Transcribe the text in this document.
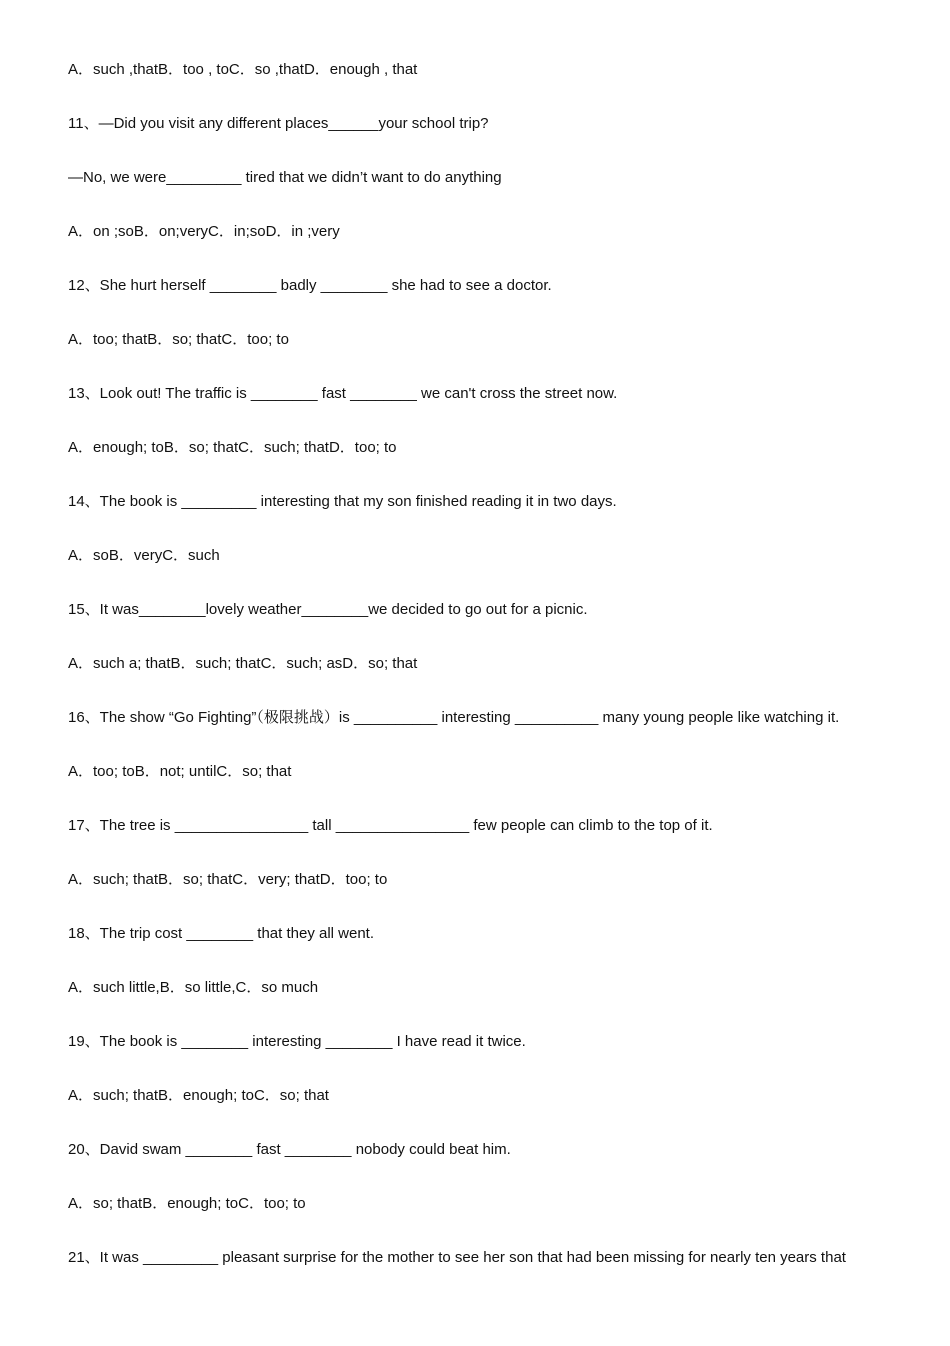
A．such ,thatB．too , toC．so ,thatD．enough , that
11、—Did you visit any different places______your school trip?
—No, we were_________ tired that we didn’t want to do anything
A．on ;soB．on;veryC．in;soD．in ;very
12、She hurt herself ________ badly ________ she had to see a doctor.
A．too; thatB．so; thatC．too; to
13、Look out! The traffic is ________ fast ________ we can't cross the street now.
A．enough; toB．so; thatC．such; thatD．too; to
14、The book is _________ interesting that my son finished reading it in two days.
A．soB．veryC．such
15、It was________lovely weather________we decided to go out for a picnic.
A．such a; thatB．such; thatC．such; asD．so; that
16、The show “Go Fighting”（极限挑战）is __________ interesting __________ many young people like watching it.
A．too; toB．not; untilC．so; that
17、The tree is ________________ tall ________________ few people can climb to the top of it.
A．such; thatB．so; thatC．very; thatD．too; to
18、The trip cost ________ that they all went.
A．such little,B．so little,C．so much
19、The book is ________ interesting ________ I have read it twice.
A．such; thatB．enough; toC．so; that
20、David swam ________ fast ________ nobody could beat him.
A．so; thatB．enough; toC．too; to
21、It was _________ pleasant surprise for the mother to see her son that had been missing for nearly ten years that
